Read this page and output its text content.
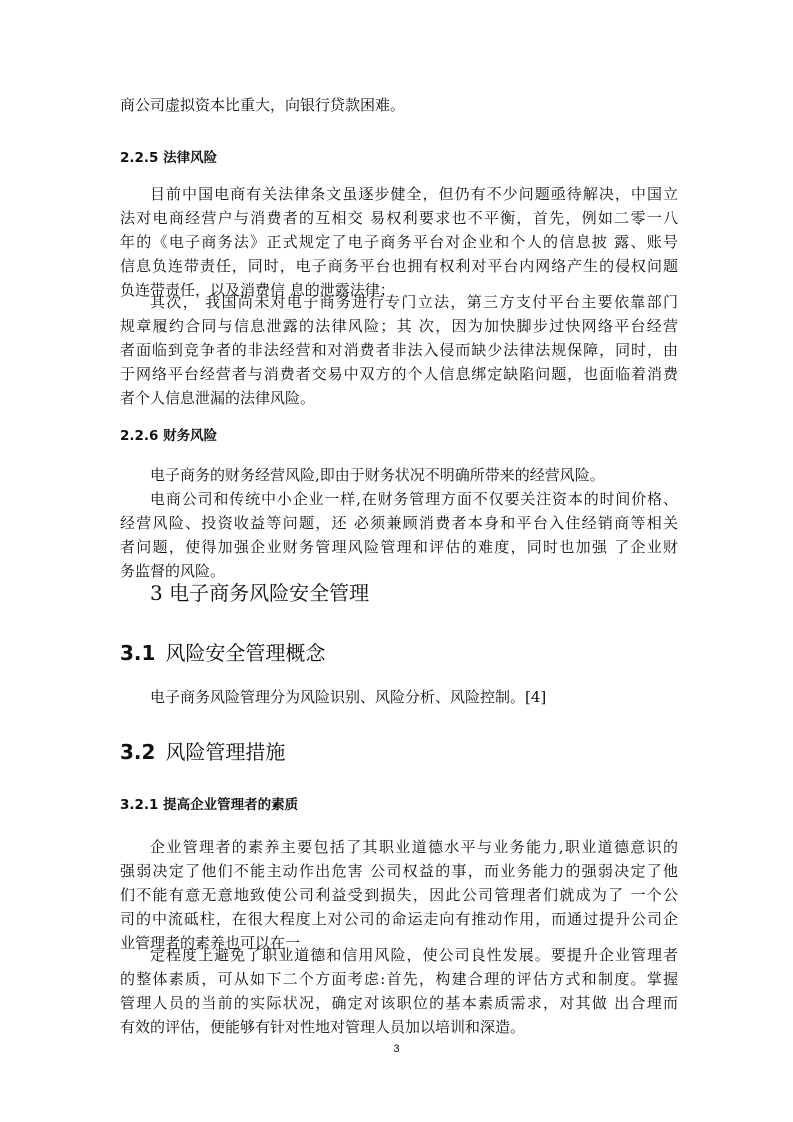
商公司虚拟资本比重大，向银行贷款困难。
2.2.5 法律风险
目前中国电商有关法律条文虽逐步健全，但仍有不少问题亟待解决，中国立
法对电商经营户与消费者的互相交 易权利要求也不平衡，首先，例如二零一八
年的《电子商务法》正式规定了电子商务平台对企业和个人的信息披 露、账号
信息负连带责任，同时，电子商务平台也拥有权利对平台内网络产生的侵权问题
负连带责任，以及消费信 息的泄露法律；
其次， 我国尚未对电子商务进行专门立法，第三方支付平台主要依靠部门
规章履约合同与信息泄露的法律风险；其 次，因为加快脚步过快网络平台经营
者面临到竞争者的非法经营和对消费者非法入侵而缺少法律法规保障，同时，由
于网络平台经营者与消费者交易中双方的个人信息绑定缺陷问题，也面临着消费
者个人信息泄漏的法律风险。
2.2.6 财务风险
电子商务的财务经营风险,即由于财务状况不明确所带来的经营风险。
电商公司和传统中小企业一样,在财务管理方面不仅要关注资本的时间价格、
经营风险、投资收益等问题，还 必须兼顾消费者本身和平台入住经销商等相关
者问题，使得加强企业财务管理风险管理和评估的难度，同时也加强 了企业财
务监督的风险。
3 电子商务风险安全管理
3.1 风险安全管理概念
电子商务风险管理分为风险识别、风险分析、风险控制。[4]
3.2 风险管理措施
3.2.1 提高企业管理者的素质
企业管理者的素养主要包括了其职业道德水平与业务能力,职业道德意识的
强弱决定了他们不能主动作出危害 公司权益的事，而业务能力的强弱决定了他
们不能有意无意地致使公司利益受到损失，因此公司管理者们就成为了 一个公
司的中流砥柱，在很大程度上对公司的命运走向有推动作用，而通过提升公司企
业管理者的素养也可以在一
定程度上避免了职业道德和信用风险，使公司良性发展。要提升企业管理者
的整体素质，可从如下二个方面考虑:首先，构建合理的评估方式和制度。掌握
管理人员的当前的实际状况，确定对该职位的基本素质需求，对其做 出合理而
有效的评估，便能够有针对性地对管理人员加以培训和深造。
3
